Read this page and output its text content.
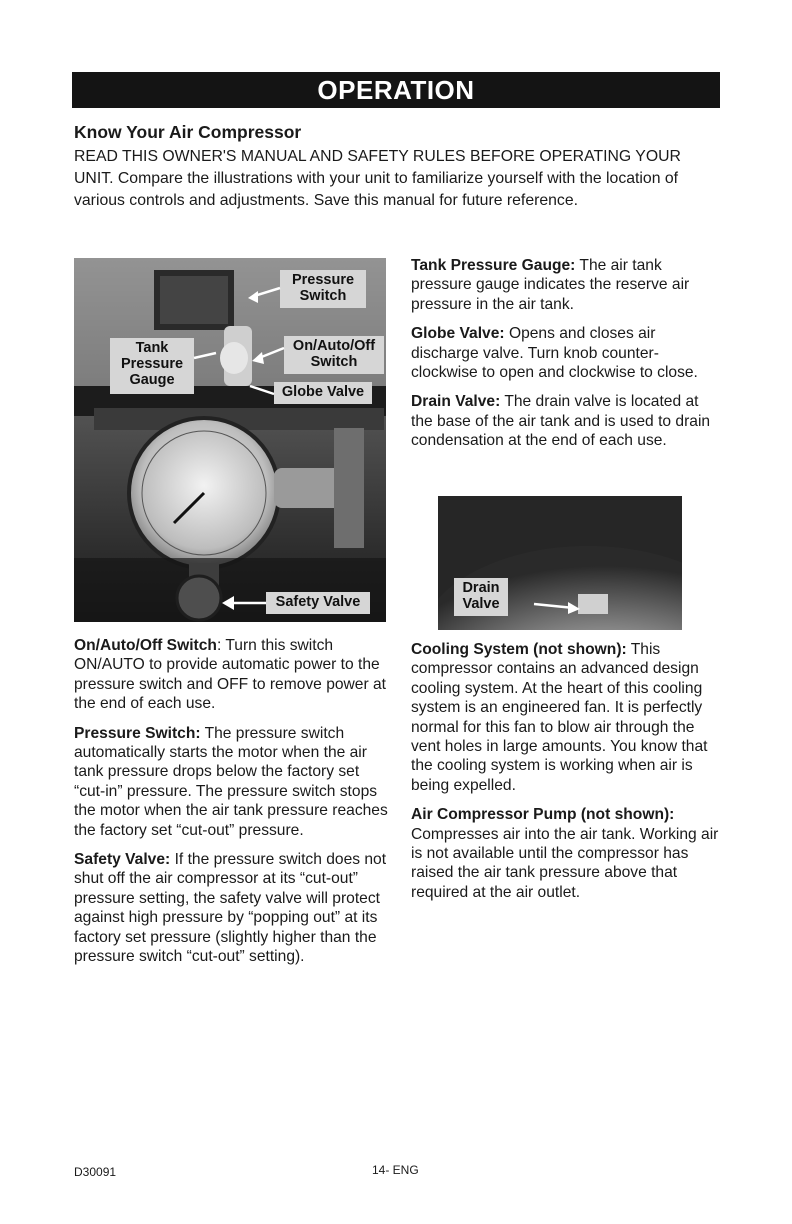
OPERATION
Know Your Air Compressor
READ THIS OWNER'S MANUAL AND SAFETY RULES BEFORE OPERATING YOUR UNIT. Compare the illustrations with your unit to familiarize yourself with the location of various controls and adjustments. Save this manual for future reference.
Pressure
Switch
Tank
Pressure
Gauge
On/Auto/Off
Switch
Globe Valve
Safety Valve

Tank Pressure Gauge: The air tank pressure gauge indicates the reserve air pressure in the air tank.

Globe Valve: Opens and closes air discharge valve. Turn knob counter-clockwise to open and clockwise to close.

Drain Valve: The drain valve is located at the base of the air tank and is used to drain condensation at the end of each use.

Drain
Valve

On/Auto/Off Switch: Turn this switch ON/AUTO to provide automatic power to the pressure switch and OFF to remove power at the end of each use.

Pressure Switch: The pressure switch automatically starts the motor when the air tank pressure drops below the factory set “cut-in” pressure. The pressure switch stops the motor when the air tank pressure reaches the factory set “cut-out” pressure.

Safety Valve: If the pressure switch does not shut off the air compressor at its “cut-out” pressure setting, the safety valve will protect against high pressure by “popping out” at its factory set pressure (slightly higher than the pressure switch “cut-out” setting).

Cooling System (not shown): This compressor contains an advanced design cooling system. At the heart of this cooling system is an engineered fan. It is perfectly normal for this fan to blow air through the vent holes in large amounts. You know that the cooling system is working when air is being expelled.

Air Compressor Pump (not shown): Compresses air into the air tank. Working air is not available until the compressor has raised the air tank pressure above that required at the air outlet.

D30091	14- ENG
